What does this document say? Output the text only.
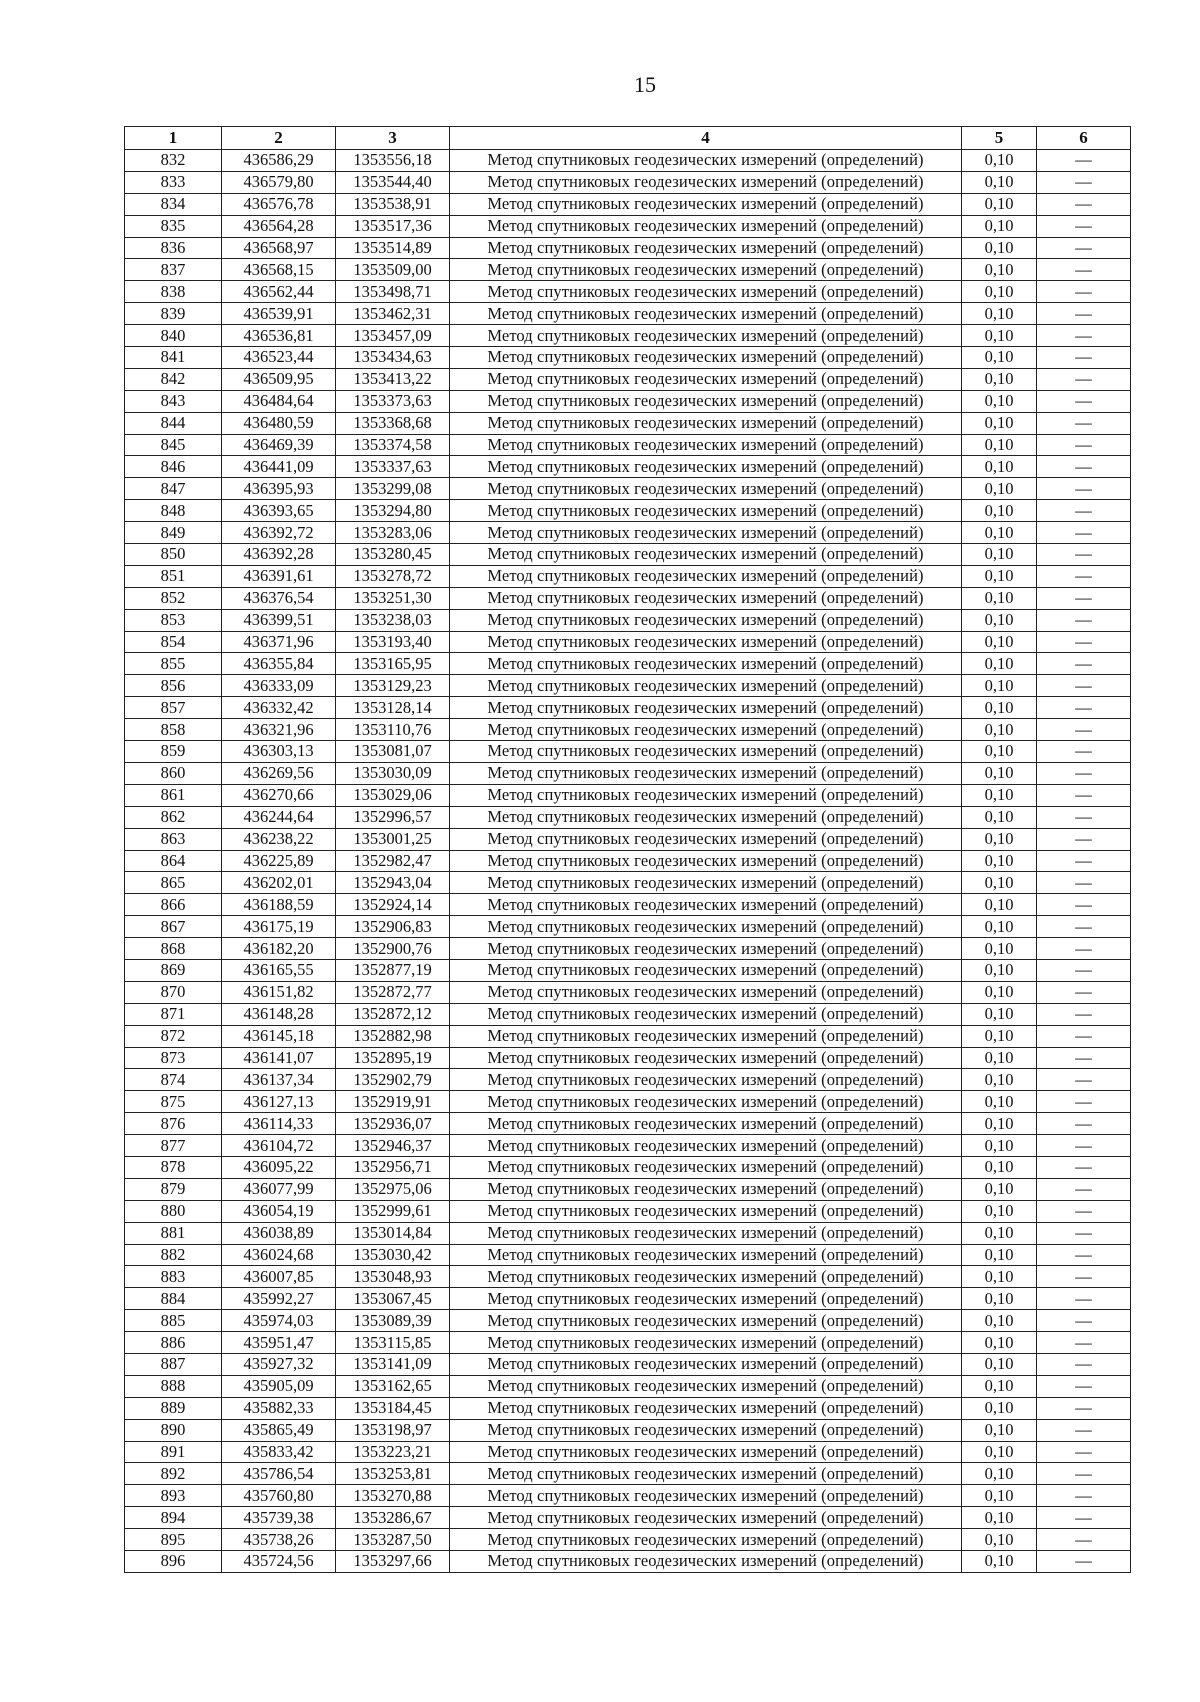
15
1	2	3	4	5	6
832	436586,29	1353556,18	Метод спутниковых геодезических измерений (определений)	0,10	—
833	436579,80	1353544,40	Метод спутниковых геодезических измерений (определений)	0,10	—
834	436576,78	1353538,91	Метод спутниковых геодезических измерений (определений)	0,10	—
835	436564,28	1353517,36	Метод спутниковых геодезических измерений (определений)	0,10	—
836	436568,97	1353514,89	Метод спутниковых геодезических измерений (определений)	0,10	—
837	436568,15	1353509,00	Метод спутниковых геодезических измерений (определений)	0,10	—
838	436562,44	1353498,71	Метод спутниковых геодезических измерений (определений)	0,10	—
839	436539,91	1353462,31	Метод спутниковых геодезических измерений (определений)	0,10	—
840	436536,81	1353457,09	Метод спутниковых геодезических измерений (определений)	0,10	—
841	436523,44	1353434,63	Метод спутниковых геодезических измерений (определений)	0,10	—
842	436509,95	1353413,22	Метод спутниковых геодезических измерений (определений)	0,10	—
843	436484,64	1353373,63	Метод спутниковых геодезических измерений (определений)	0,10	—
844	436480,59	1353368,68	Метод спутниковых геодезических измерений (определений)	0,10	—
845	436469,39	1353374,58	Метод спутниковых геодезических измерений (определений)	0,10	—
846	436441,09	1353337,63	Метод спутниковых геодезических измерений (определений)	0,10	—
847	436395,93	1353299,08	Метод спутниковых геодезических измерений (определений)	0,10	—
848	436393,65	1353294,80	Метод спутниковых геодезических измерений (определений)	0,10	—
849	436392,72	1353283,06	Метод спутниковых геодезических измерений (определений)	0,10	—
850	436392,28	1353280,45	Метод спутниковых геодезических измерений (определений)	0,10	—
851	436391,61	1353278,72	Метод спутниковых геодезических измерений (определений)	0,10	—
852	436376,54	1353251,30	Метод спутниковых геодезических измерений (определений)	0,10	—
853	436399,51	1353238,03	Метод спутниковых геодезических измерений (определений)	0,10	—
854	436371,96	1353193,40	Метод спутниковых геодезических измерений (определений)	0,10	—
855	436355,84	1353165,95	Метод спутниковых геодезических измерений (определений)	0,10	—
856	436333,09	1353129,23	Метод спутниковых геодезических измерений (определений)	0,10	—
857	436332,42	1353128,14	Метод спутниковых геодезических измерений (определений)	0,10	—
858	436321,96	1353110,76	Метод спутниковых геодезических измерений (определений)	0,10	—
859	436303,13	1353081,07	Метод спутниковых геодезических измерений (определений)	0,10	—
860	436269,56	1353030,09	Метод спутниковых геодезических измерений (определений)	0,10	—
861	436270,66	1353029,06	Метод спутниковых геодезических измерений (определений)	0,10	—
862	436244,64	1352996,57	Метод спутниковых геодезических измерений (определений)	0,10	—
863	436238,22	1353001,25	Метод спутниковых геодезических измерений (определений)	0,10	—
864	436225,89	1352982,47	Метод спутниковых геодезических измерений (определений)	0,10	—
865	436202,01	1352943,04	Метод спутниковых геодезических измерений (определений)	0,10	—
866	436188,59	1352924,14	Метод спутниковых геодезических измерений (определений)	0,10	—
867	436175,19	1352906,83	Метод спутниковых геодезических измерений (определений)	0,10	—
868	436182,20	1352900,76	Метод спутниковых геодезических измерений (определений)	0,10	—
869	436165,55	1352877,19	Метод спутниковых геодезических измерений (определений)	0,10	—
870	436151,82	1352872,77	Метод спутниковых геодезических измерений (определений)	0,10	—
871	436148,28	1352872,12	Метод спутниковых геодезических измерений (определений)	0,10	—
872	436145,18	1352882,98	Метод спутниковых геодезических измерений (определений)	0,10	—
873	436141,07	1352895,19	Метод спутниковых геодезических измерений (определений)	0,10	—
874	436137,34	1352902,79	Метод спутниковых геодезических измерений (определений)	0,10	—
875	436127,13	1352919,91	Метод спутниковых геодезических измерений (определений)	0,10	—
876	436114,33	1352936,07	Метод спутниковых геодезических измерений (определений)	0,10	—
877	436104,72	1352946,37	Метод спутниковых геодезических измерений (определений)	0,10	—
878	436095,22	1352956,71	Метод спутниковых геодезических измерений (определений)	0,10	—
879	436077,99	1352975,06	Метод спутниковых геодезических измерений (определений)	0,10	—
880	436054,19	1352999,61	Метод спутниковых геодезических измерений (определений)	0,10	—
881	436038,89	1353014,84	Метод спутниковых геодезических измерений (определений)	0,10	—
882	436024,68	1353030,42	Метод спутниковых геодезических измерений (определений)	0,10	—
883	436007,85	1353048,93	Метод спутниковых геодезических измерений (определений)	0,10	—
884	435992,27	1353067,45	Метод спутниковых геодезических измерений (определений)	0,10	—
885	435974,03	1353089,39	Метод спутниковых геодезических измерений (определений)	0,10	—
886	435951,47	1353115,85	Метод спутниковых геодезических измерений (определений)	0,10	—
887	435927,32	1353141,09	Метод спутниковых геодезических измерений (определений)	0,10	—
888	435905,09	1353162,65	Метод спутниковых геодезических измерений (определений)	0,10	—
889	435882,33	1353184,45	Метод спутниковых геодезических измерений (определений)	0,10	—
890	435865,49	1353198,97	Метод спутниковых геодезических измерений (определений)	0,10	—
891	435833,42	1353223,21	Метод спутниковых геодезических измерений (определений)	0,10	—
892	435786,54	1353253,81	Метод спутниковых геодезических измерений (определений)	0,10	—
893	435760,80	1353270,88	Метод спутниковых геодезических измерений (определений)	0,10	—
894	435739,38	1353286,67	Метод спутниковых геодезических измерений (определений)	0,10	—
895	435738,26	1353287,50	Метод спутниковых геодезических измерений (определений)	0,10	—
896	435724,56	1353297,66	Метод спутниковых геодезических измерений (определений)	0,10	—
